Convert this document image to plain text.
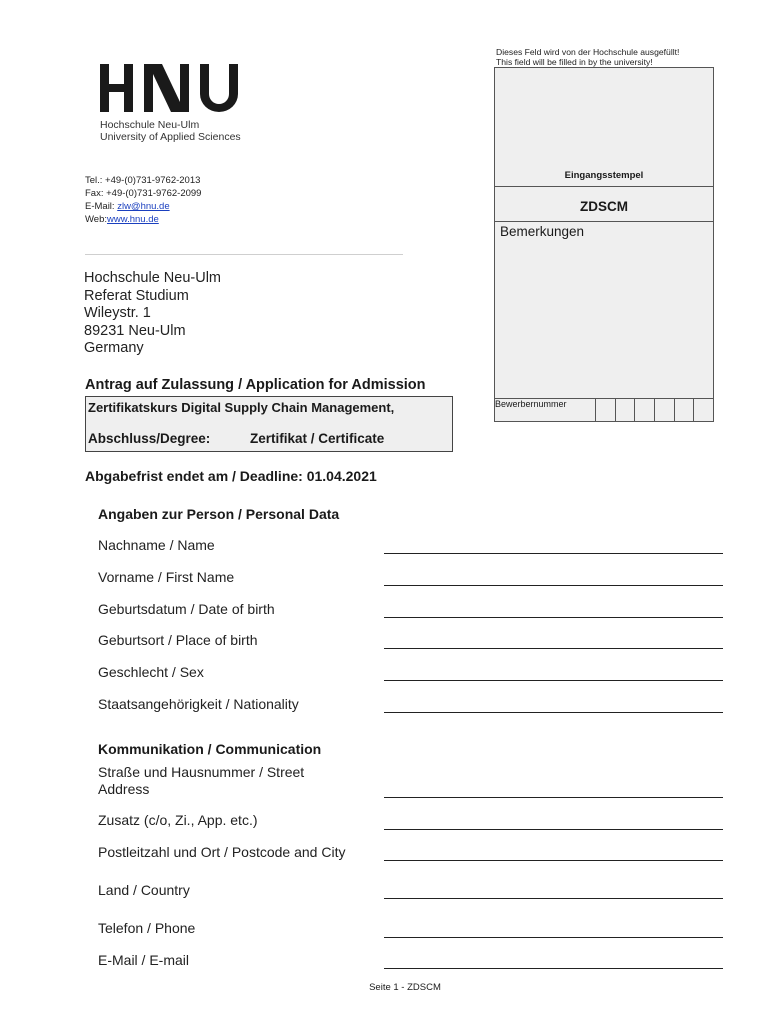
Hochschule Neu-Ulm
University of Applied Sciences
Tel.: +49-(0)731-9762-2013
Fax: +49-(0)731-9762-2099
E-Mail: zlw@hnu.de
Web:www.hnu.de
Hochschule Neu-Ulm
Referat Studium
Wileystr. 1
89231 Neu-Ulm
Germany
Dieses Feld wird von der Hochschule ausgefüllt!
This field will be filled in by the university!
Eingangsstempel
ZDSCM
Bemerkungen
Bewerbernummer
Antrag auf Zulassung / Application for Admission
Zertifikatskurs Digital Supply Chain Management,
Abschluss/Degree:	Zertifikat / Certificate
Abgabefrist endet am / Deadline: 01.04.2021
Angaben zur Person / Personal Data
Nachname / Name
Vorname / First Name
Geburtsdatum / Date of birth
Geburtsort / Place of birth
Geschlecht / Sex
Staatsangehörigkeit / Nationality
Kommunikation / Communication
Straße und Hausnummer / Street
Address
Zusatz (c/o, Zi., App. etc.)
Postleitzahl und Ort / Postcode and City
Land / Country
Telefon / Phone
E-Mail / E-mail
Seite 1 - ZDSCM
